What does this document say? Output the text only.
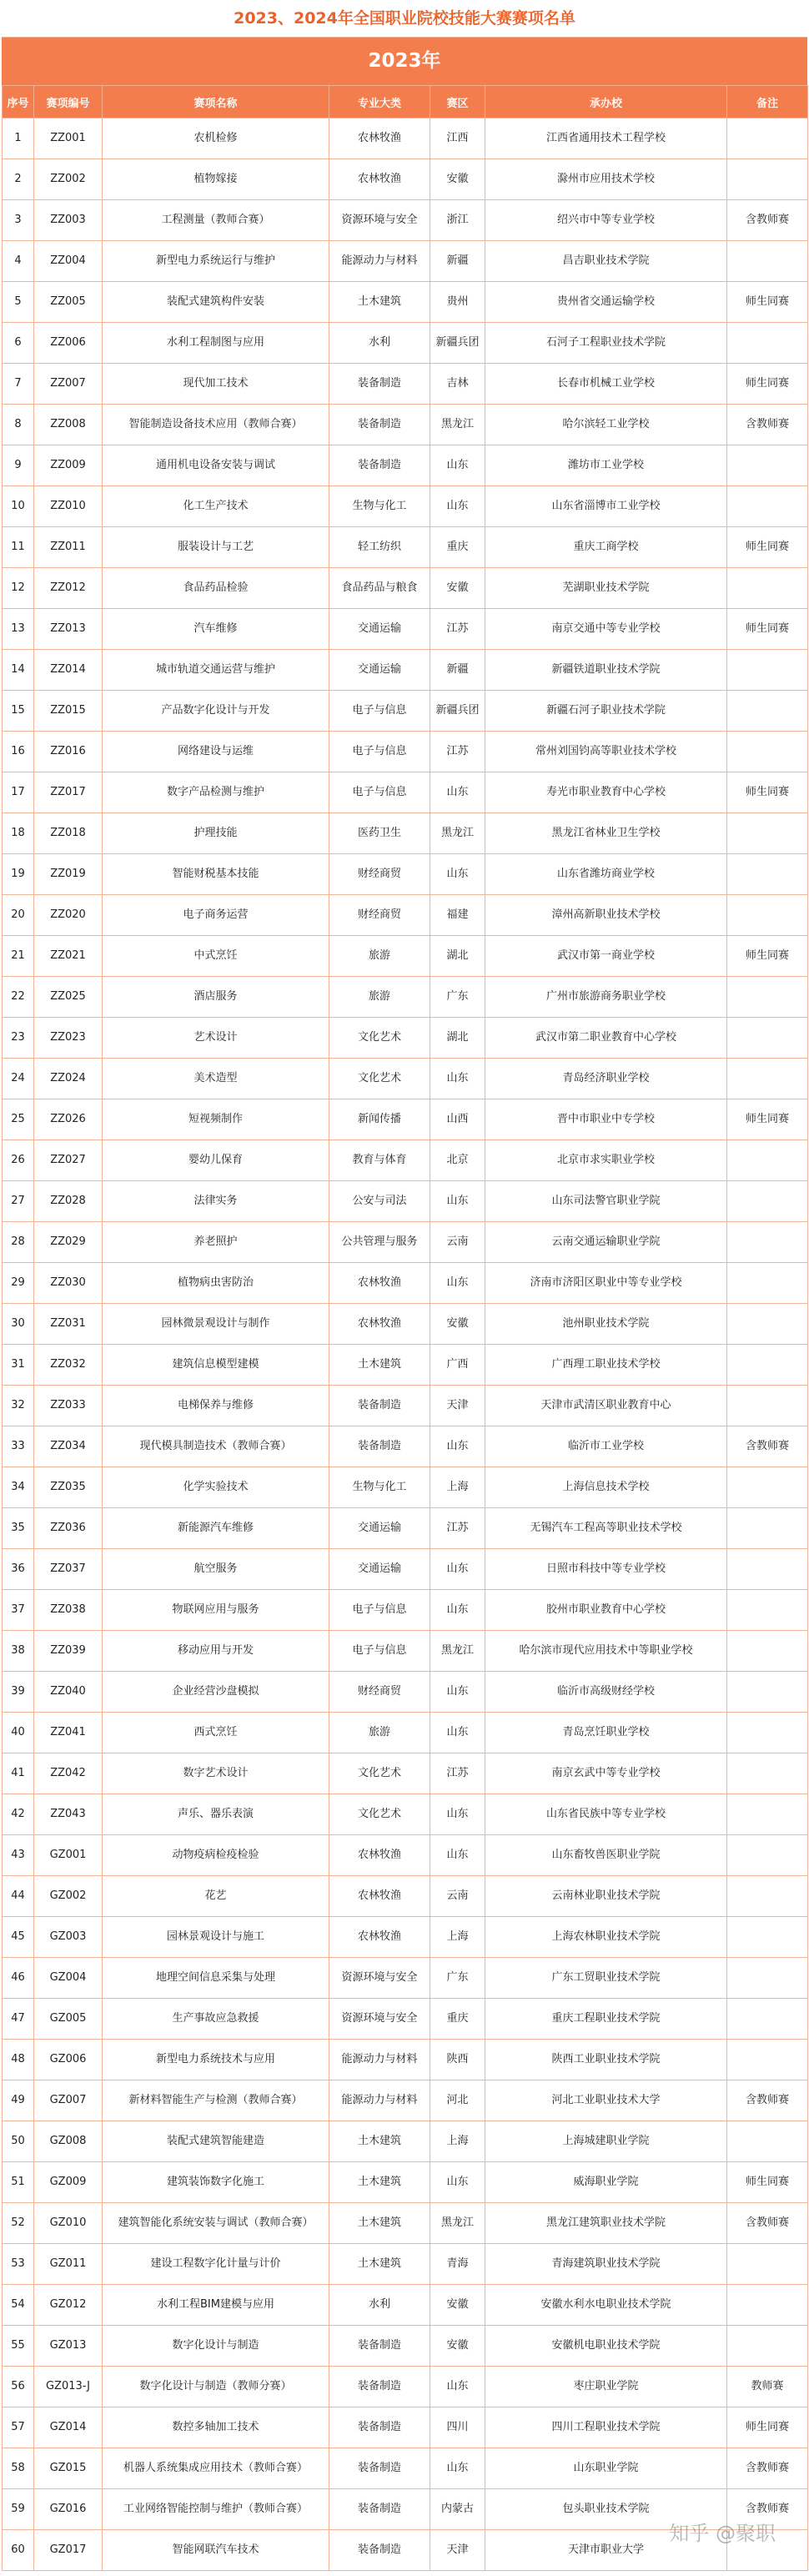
2023、2024年全国职业院校技能大赛赛项名单
2023年
序号	赛项编号	赛项名称	专业大类	赛区	承办校	备注
1	ZZ001	农机检修	农林牧渔	江西	江西省通用技术工程学校	
2	ZZ002	植物嫁接	农林牧渔	安徽	滁州市应用技术学校	
3	ZZ003	工程测量（教师合赛）	资源环境与安全	浙江	绍兴市中等专业学校	含教师赛
4	ZZ004	新型电力系统运行与维护	能源动力与材料	新疆	昌吉职业技术学院	
5	ZZ005	装配式建筑构件安装	土木建筑	贵州	贵州省交通运输学校	师生同赛
6	ZZ006	水利工程制图与应用	水利	新疆兵团	石河子工程职业技术学院	
7	ZZ007	现代加工技术	装备制造	吉林	长春市机械工业学校	师生同赛
8	ZZ008	智能制造设备技术应用（教师合赛）	装备制造	黑龙江	哈尔滨轻工业学校	含教师赛
9	ZZ009	通用机电设备安装与调试	装备制造	山东	潍坊市工业学校	
10	ZZ010	化工生产技术	生物与化工	山东	山东省淄博市工业学校	
11	ZZ011	服装设计与工艺	轻工纺织	重庆	重庆工商学校	师生同赛
12	ZZ012	食品药品检验	食品药品与粮食	安徽	芜湖职业技术学院	
13	ZZ013	汽车维修	交通运输	江苏	南京交通中等专业学校	师生同赛
14	ZZ014	城市轨道交通运营与维护	交通运输	新疆	新疆铁道职业技术学院	
15	ZZ015	产品数字化设计与开发	电子与信息	新疆兵团	新疆石河子职业技术学院	
16	ZZ016	网络建设与运维	电子与信息	江苏	常州刘国钧高等职业技术学校	
17	ZZ017	数字产品检测与维护	电子与信息	山东	寿光市职业教育中心学校	师生同赛
18	ZZ018	护理技能	医药卫生	黑龙江	黑龙江省林业卫生学校	
19	ZZ019	智能财税基本技能	财经商贸	山东	山东省潍坊商业学校	
20	ZZ020	电子商务运营	财经商贸	福建	漳州高新职业技术学校	
21	ZZ021	中式烹饪	旅游	湖北	武汉市第一商业学校	师生同赛
22	ZZ025	酒店服务	旅游	广东	广州市旅游商务职业学校	
23	ZZ023	艺术设计	文化艺术	湖北	武汉市第二职业教育中心学校	
24	ZZ024	美术造型	文化艺术	山东	青岛经济职业学校	
25	ZZ026	短视频制作	新闻传播	山西	晋中市职业中专学校	师生同赛
26	ZZ027	婴幼儿保育	教育与体育	北京	北京市求实职业学校	
27	ZZ028	法律实务	公安与司法	山东	山东司法警官职业学院	
28	ZZ029	养老照护	公共管理与服务	云南	云南交通运输职业学院	
29	ZZ030	植物病虫害防治	农林牧渔	山东	济南市济阳区职业中等专业学校	
30	ZZ031	园林微景观设计与制作	农林牧渔	安徽	池州职业技术学院	
31	ZZ032	建筑信息模型建模	土木建筑	广西	广西理工职业技术学校	
32	ZZ033	电梯保养与维修	装备制造	天津	天津市武清区职业教育中心	
33	ZZ034	现代模具制造技术（教师合赛）	装备制造	山东	临沂市工业学校	含教师赛
34	ZZ035	化学实验技术	生物与化工	上海	上海信息技术学校	
35	ZZ036	新能源汽车维修	交通运输	江苏	无锡汽车工程高等职业技术学校	
36	ZZ037	航空服务	交通运输	山东	日照市科技中等专业学校	
37	ZZ038	物联网应用与服务	电子与信息	山东	胶州市职业教育中心学校	
38	ZZ039	移动应用与开发	电子与信息	黑龙江	哈尔滨市现代应用技术中等职业学校	
39	ZZ040	企业经营沙盘模拟	财经商贸	山东	临沂市高级财经学校	
40	ZZ041	西式烹饪	旅游	山东	青岛烹饪职业学校	
41	ZZ042	数字艺术设计	文化艺术	江苏	南京玄武中等专业学校	
42	ZZ043	声乐、器乐表演	文化艺术	山东	山东省民族中等专业学校	
43	GZ001	动物疫病检疫检验	农林牧渔	山东	山东畜牧兽医职业学院	
44	GZ002	花艺	农林牧渔	云南	云南林业职业技术学院	
45	GZ003	园林景观设计与施工	农林牧渔	上海	上海农林职业技术学院	
46	GZ004	地理空间信息采集与处理	资源环境与安全	广东	广东工贸职业技术学院	
47	GZ005	生产事故应急救援	资源环境与安全	重庆	重庆工程职业技术学院	
48	GZ006	新型电力系统技术与应用	能源动力与材料	陕西	陕西工业职业技术学院	
49	GZ007	新材料智能生产与检测（教师合赛）	能源动力与材料	河北	河北工业职业技术大学	含教师赛
50	GZ008	装配式建筑智能建造	土木建筑	上海	上海城建职业学院	
51	GZ009	建筑装饰数字化施工	土木建筑	山东	威海职业学院	师生同赛
52	GZ010	建筑智能化系统安装与调试（教师合赛）	土木建筑	黑龙江	黑龙江建筑职业技术学院	含教师赛
53	GZ011	建设工程数字化计量与计价	土木建筑	青海	青海建筑职业技术学院	
54	GZ012	水利工程BIM建模与应用	水利	安徽	安徽水利水电职业技术学院	
55	GZ013	数字化设计与制造	装备制造	安徽	安徽机电职业技术学院	
56	GZ013-J	数字化设计与制造（教师分赛）	装备制造	山东	枣庄职业学院	教师赛
57	GZ014	数控多轴加工技术	装备制造	四川	四川工程职业技术学院	师生同赛
58	GZ015	机器人系统集成应用技术（教师合赛）	装备制造	山东	山东职业学院	含教师赛
59	GZ016	工业网络智能控制与维护（教师合赛）	装备制造	内蒙古	包头职业技术学院	含教师赛
60	GZ017	智能网联汽车技术	装备制造	天津	天津市职业大学	
知乎 @聚职
